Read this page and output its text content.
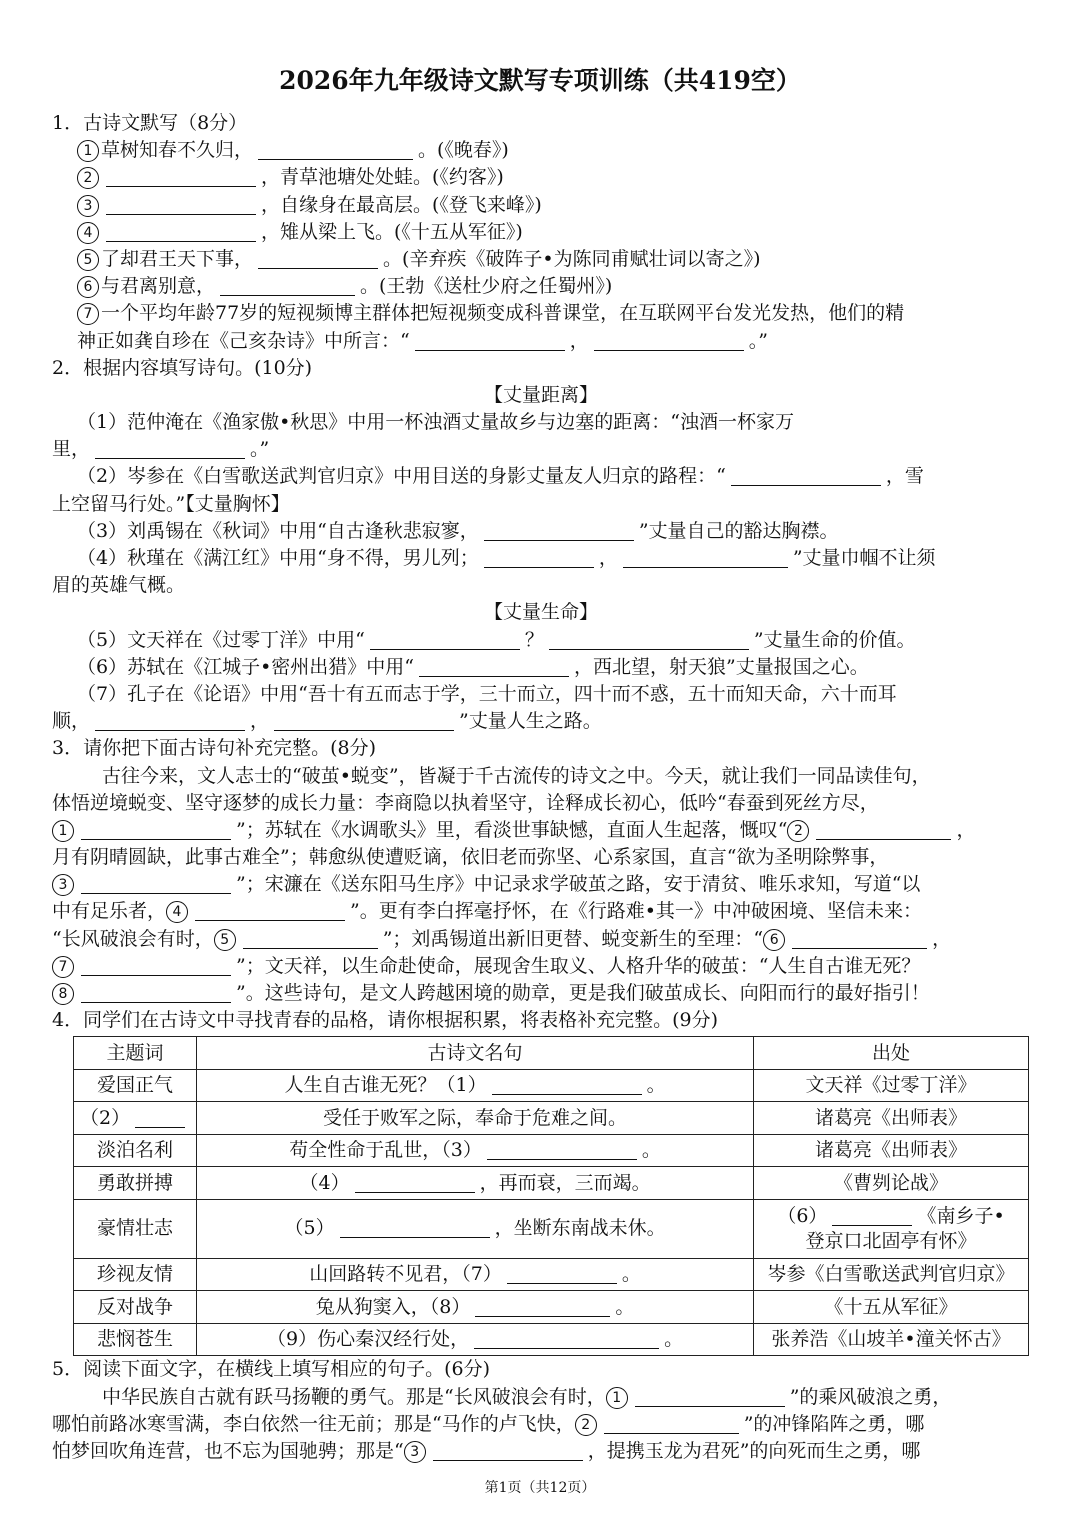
2026年九年级诗文默写专项训练（共419空）
1．古诗文默写（8分）
1 草树知春不久归，	。(《晚春》)
2	，青草池塘处处蛙。(《约客》)
3	，自缘身在最高层。(《登飞来峰》)
4	，雉从梁上飞。(《十五从军征》)
5 了却君王天下事，	。(辛弃疾《破阵子•为陈同甫赋壮词以寄之》)
6 与君离别意，	。(王勃《送杜少府之任蜀州》)
7 一个平均年龄77岁的短视频博主群体把短视频变成科普课堂，在互联网平台发光发热，他们的精
神正如龚自珍在《己亥杂诗》中所言：“	，	。”
2．根据内容填写诗句。(10分)
【丈量距离】
（1）范仲淹在《渔家傲•秋思》中用一杯浊酒丈量故乡与边塞的距离：“浊酒一杯家万
里，	。”
（2）岑参在《白雪歌送武判官归京》中用目送的身影丈量友人归京的路程：“	，雪
上空留马行处。”【丈量胸怀】
（3）刘禹锡在《秋词》中用“自古逢秋悲寂寥，	”丈量自己的豁达胸襟。
（4）秋瑾在《满江红》中用“身不得，男儿列；	，	”丈量巾帼不让须
眉的英雄气概。
【丈量生命】
（5）文天祥在《过零丁洋》中用“	？	”丈量生命的价值。
（6）苏轼在《江城子•密州出猎》中用“	，西北望，射天狼”丈量报国之心。
（7）孔子在《论语》中用“吾十有五而志于学，三十而立，四十而不惑，五十而知天命，六十而耳
顺，	，	”丈量人生之路。
3．请你把下面古诗句补充完整。(8分)
古往今来，文人志士的“破茧•蜕变”，皆凝于千古流传的诗文之中。今天，就让我们一同品读佳句，
体悟逆境蜕变、坚守逐梦的成长力量：李商隐以执着坚守，诠释成长初心，低吟“春蚕到死丝方尽，
1	”；苏轼在《水调歌头》里，看淡世事缺憾，直面人生起落，慨叹“ 2	，
月有阴晴圆缺，此事古难全”；韩愈纵使遭贬谪，依旧老而弥坚、心系家国，直言“欲为圣明除弊事，
3	”；宋濂在《送东阳马生序》中记录求学破茧之路，安于清贫、唯乐求知，写道“以
中有足乐者， 4	”。更有李白挥毫抒怀，在《行路难•其一》中冲破困境、坚信未来：
“长风破浪会有时， 5	”；刘禹锡道出新旧更替、蜕变新生的至理：“ 6	，
7	”；文天祥，以生命赴使命，展现舍生取义、人格升华的破茧：“人生自古谁无死？
8	”。这些诗句，是文人跨越困境的勋章，更是我们破茧成长、向阳而行的最好指引！
4．同学们在古诗文中寻找青春的品格，请你根据积累，将表格补充完整。(9分)
主题词	古诗文名句	出处
爱国正气	人生自古谁无死？（1） 。	文天祥《过零丁洋》
（2）	受任于败军之际，奉命于危难之间。	诸葛亮《出师表》
淡泊名利	苟全性命于乱世，（3） 。	诸葛亮《出师表》
勇敢拼搏	（4） ，再而衰，三而竭。	《曹刿论战》
豪情壮志	（5） ，坐断东南战未休。	（6） 《南乡子•
登京口北固亭有怀》

珍视友情	山回路转不见君，（7） 。	岑参《白雪歌送武判官归京》
反对战争	兔从狗窦入，（8） 。	《十五从军征》
悲悯苍生	（9）伤心秦汉经行处， 。	张养浩《山坡羊•潼关怀古》
5．阅读下面文字，在横线上填写相应的句子。(6分)
中华民族自古就有跃马扬鞭的勇气。那是“长风破浪会有时， 1	”的乘风破浪之勇，
哪怕前路冰寒雪满，李白依然一往无前；那是“马作的卢飞快， 2	”的冲锋陷阵之勇，哪
怕梦回吹角连营，也不忘为国驰骋；那是“ 3	，提携玉龙为君死”的向死而生之勇，哪
第1页（共12页）
